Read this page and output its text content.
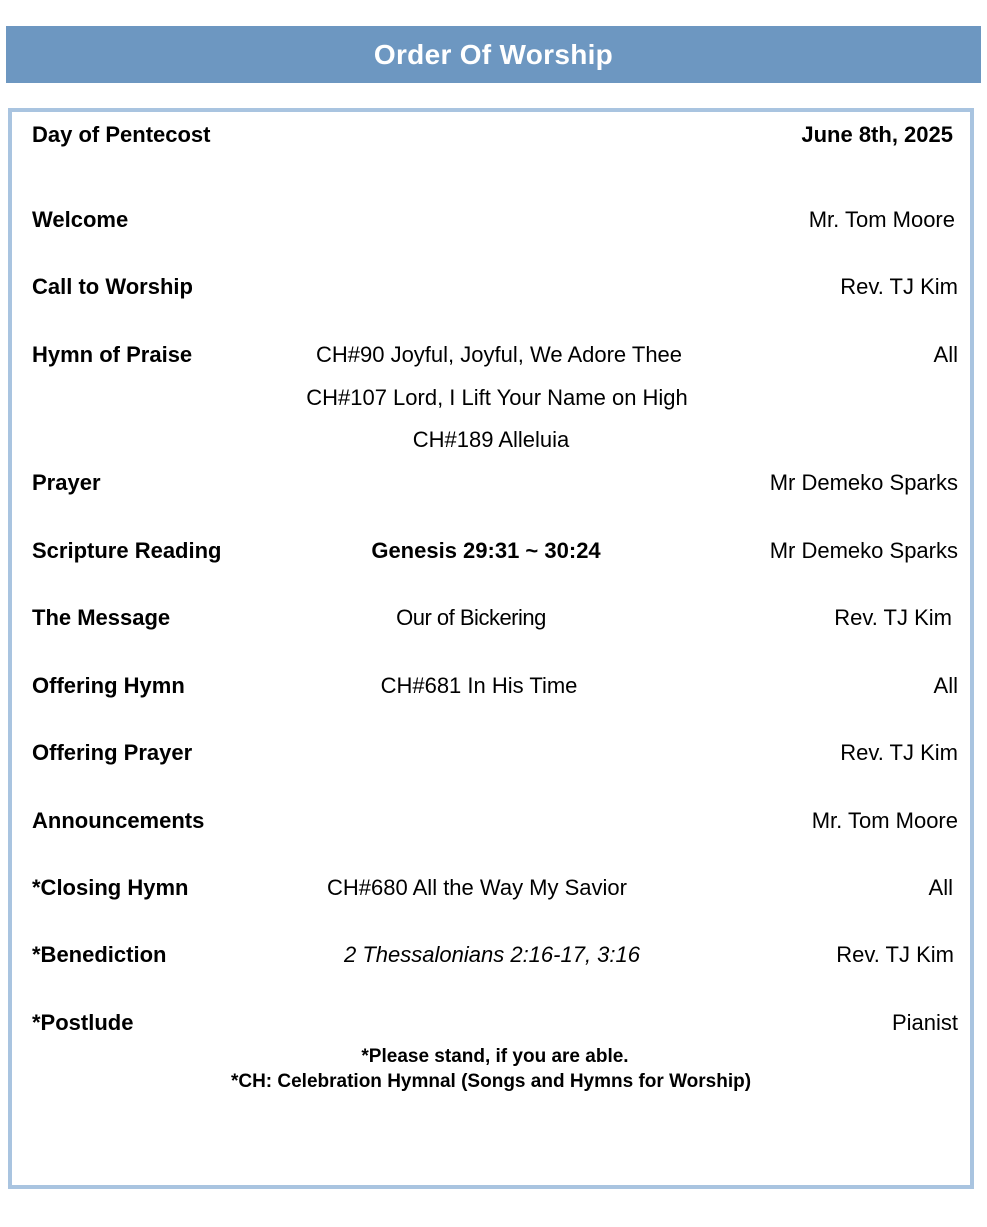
Order Of Worship
Day of Pentecost	June 8th, 2025
Welcome	Mr. Tom Moore
Call to Worship	Rev. TJ Kim
Hymn of Praise	CH#90 Joyful, Joyful, We Adore Thee	All
CH#107 Lord, I Lift Your Name on High
CH#189 Alleluia
Prayer	Mr Demeko Sparks
Scripture Reading	Genesis 29:31 ~ 30:24	Mr Demeko Sparks
The Message	Our of Bickering	Rev. TJ Kim
Offering Hymn	CH#681 In His Time	All
Offering Prayer	Rev. TJ Kim
Announcements	Mr. Tom Moore
*Closing Hymn	CH#680 All the Way My Savior	All
*Benediction	2 Thessalonians 2:16-17, 3:16	Rev. TJ Kim
*Postlude	Pianist
*Please stand, if you are able.
*CH: Celebration Hymnal (Songs and Hymns for Worship)
